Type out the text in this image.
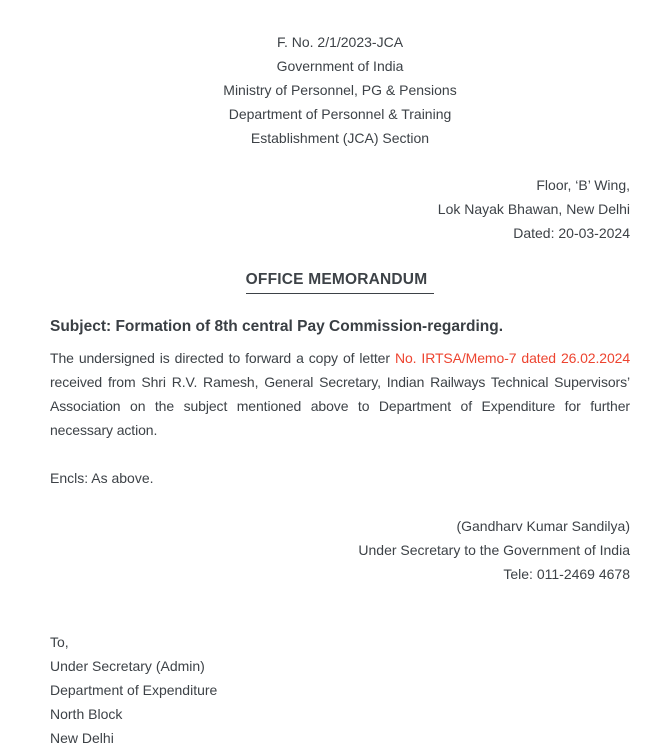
F. No. 2/1/2023-JCA
Government of India
Ministry of Personnel, PG & Pensions
Department of Personnel & Training
Establishment (JCA) Section
Floor, ‘B’ Wing,
Lok Nayak Bhawan, New Delhi
Dated: 20-03-2024
OFFICE MEMORANDUM
Subject: Formation of 8th central Pay Commission-regarding.
The undersigned is directed to forward a copy of letter No. IRTSA/Memo-7 dated 26.02.2024 received from Shri R.V. Ramesh, General Secretary, Indian Railways Technical Supervisors’ Association on the subject mentioned above to Department of Expenditure for further necessary action.
Encls: As above.
(Gandharv Kumar Sandilya)
Under Secretary to the Government of India
Tele: 011-2469 4678
To,
Under Secretary (Admin)
Department of Expenditure
North Block
New Delhi
